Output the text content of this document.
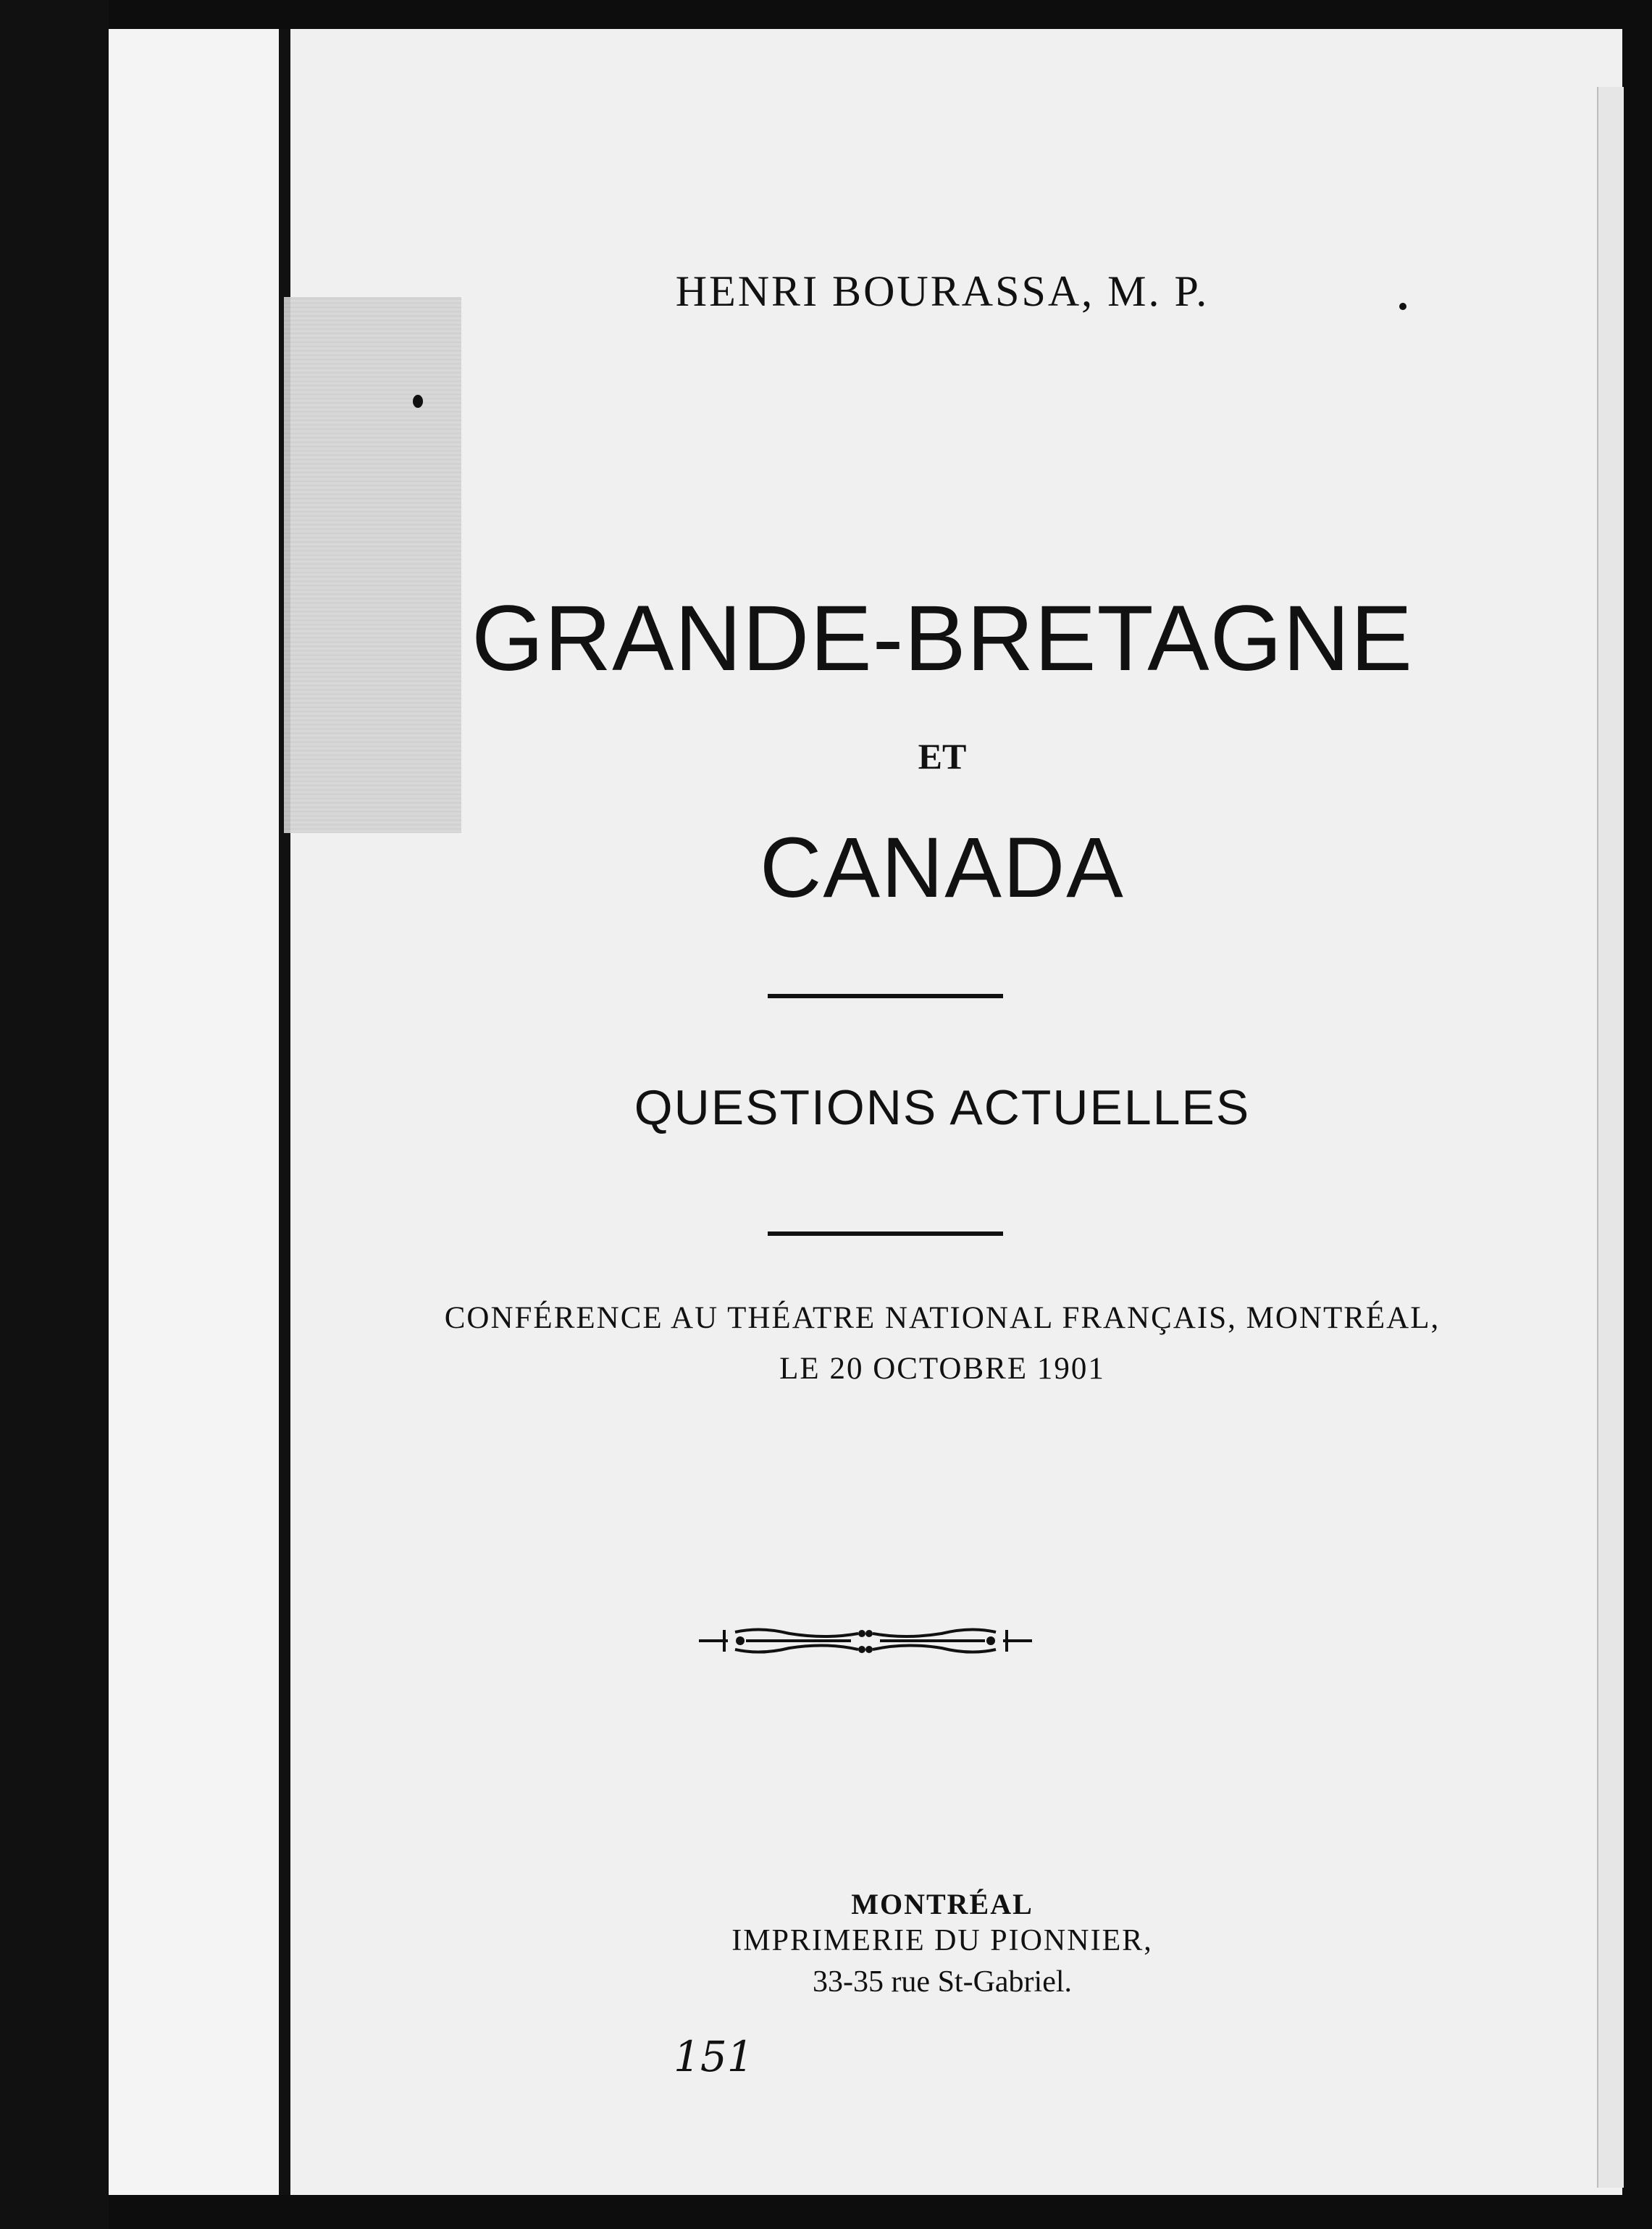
HENRI BOURASSA, M. P.

GRANDE-BRETAGNE

ET

CANADA

QUESTIONS ACTUELLES

CONFÉRENCE AU THÉATRE NATIONAL FRANÇAIS, MONTRÉAL,

LE 20 OCTOBRE 1901

MONTRÉAL

IMPRIMERIE DU PIONNIER,

33-35 rue St-Gabriel.

151
